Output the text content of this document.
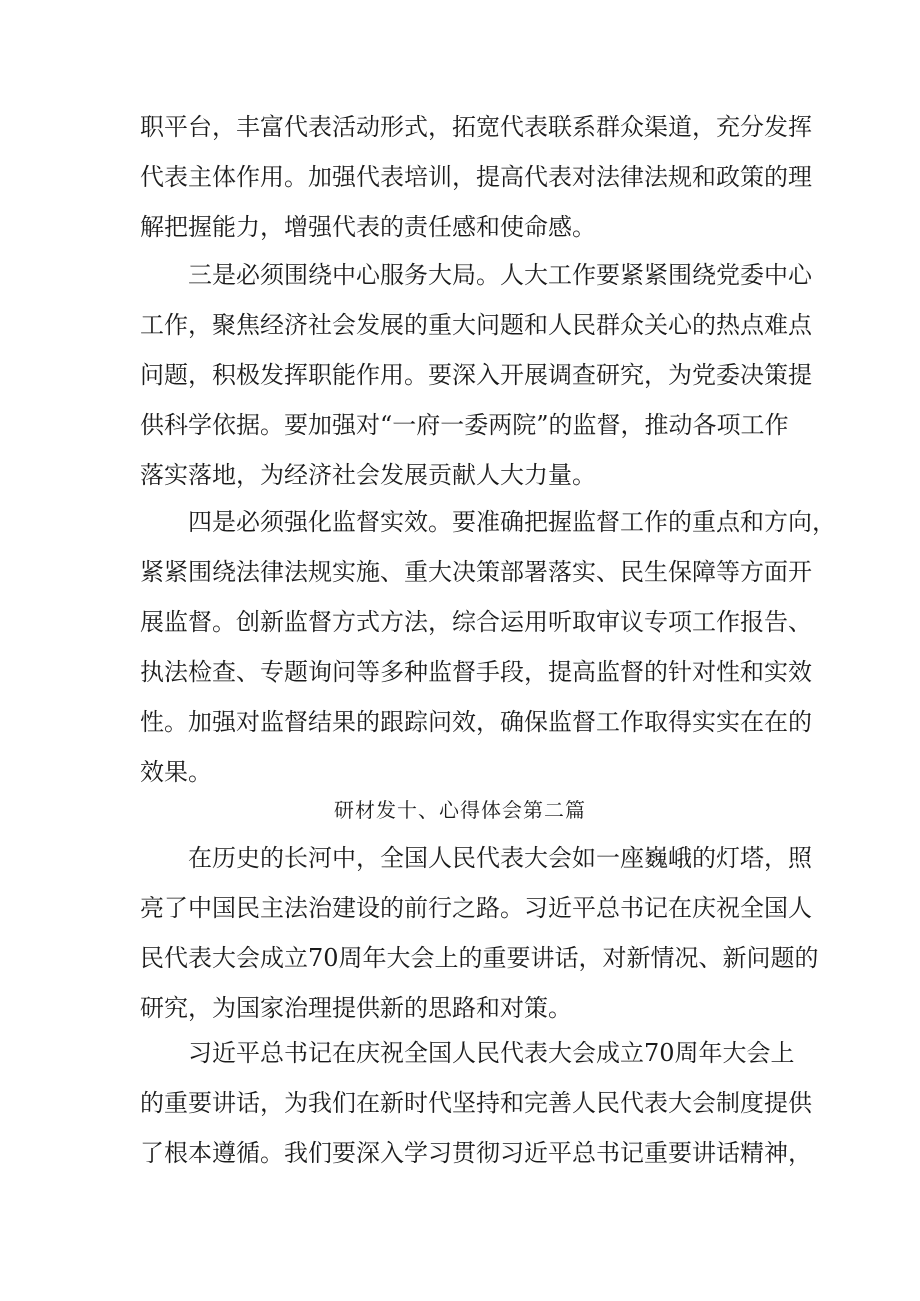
职平台，丰富代表活动形式，拓宽代表联系群众渠道，充分发挥
代表主体作用。加强代表培训，提高代表对法律法规和政策的理
解把握能力，增强代表的责任感和使命感。
三是必须围绕中心服务大局。人大工作要紧紧围绕党委中心
工作，聚焦经济社会发展的重大问题和人民群众关心的热点难点
问题，积极发挥职能作用。要深入开展调查研究，为党委决策提
供科学依据。要加强对“一府一委两院”的监督，推动各项工作
落实落地，为经济社会发展贡献人大力量。
四是必须强化监督实效。要准确把握监督工作的重点和方向，
紧紧围绕法律法规实施、重大决策部署落实、民生保障等方面开
展监督。创新监督方式方法，综合运用听取审议专项工作报告、
执法检查、专题询问等多种监督手段，提高监督的针对性和实效
性。加强对监督结果的跟踪问效，确保监督工作取得实实在在的
效果。
研材发十、心得体会第二篇
在历史的长河中，全国人民代表大会如一座巍峨的灯塔，照
亮了中国民主法治建设的前行之路。习近平总书记在庆祝全国人
民代表大会成立70周年大会上的重要讲话，对新情况、新问题的
研究，为国家治理提供新的思路和对策。
习近平总书记在庆祝全国人民代表大会成立70周年大会上
的重要讲话，为我们在新时代坚持和完善人民代表大会制度提供
了根本遵循。我们要深入学习贯彻习近平总书记重要讲话精神，
